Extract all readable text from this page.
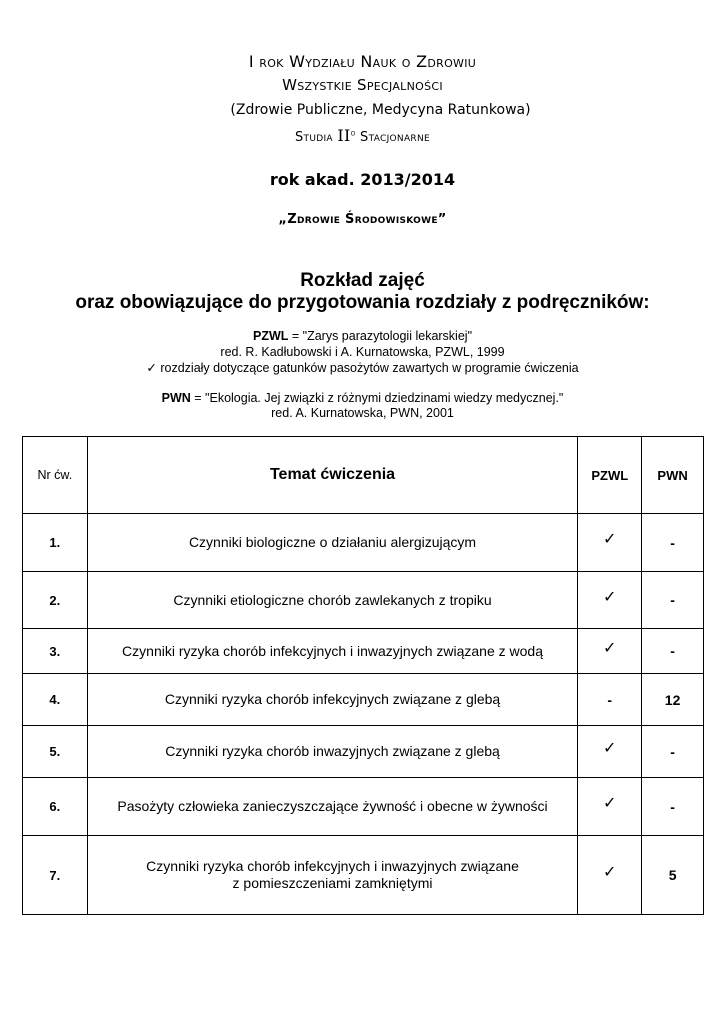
I rok Wydziału Nauk o Zdrowiu
Wszystkie Specjalności
(Zdrowie Publiczne, Medycyna Ratunkowa)
Studia $II^o$ Stacjonarne
rok akad. 2013/2014
„Zdrowie Środowiskowe”
Rozkład zajęć
oraz obowiązujące do przygotowania rozdziały z podręczników:
PZWL = "Zarys parazytologii lekarskiej"
red. R. Kadłubowski i A. Kurnatowska, PZWL, 1999
✓ rozdziały dotyczące gatunków pasożytów zawartych w programie ćwiczenia
PWN = "Ekologia. Jej związki z różnymi dziedzinami wiedzy medycznej."
red. A. Kurnatowska, PWN, 2001
Nr ćw.	Temat ćwiczenia	PZWL	PWN
1.	Czynniki biologiczne o działaniu alergizującym	✓	-
2.	Czynniki etiologiczne chorób zawlekanych z tropiku	✓	-
3.	Czynniki ryzyka chorób infekcyjnych i inwazyjnych związane z wodą	✓	-
4.	Czynniki ryzyka chorób infekcyjnych związane z glebą	-	12
5.	Czynniki ryzyka chorób inwazyjnych związane z glebą	✓	-
6.	Pasożyty człowieka zanieczyszczające żywność i obecne w żywności	✓	-
7.	Czynniki ryzyka chorób infekcyjnych i inwazyjnych związane
z pomieszczeniami zamkniętymi	✓	5
